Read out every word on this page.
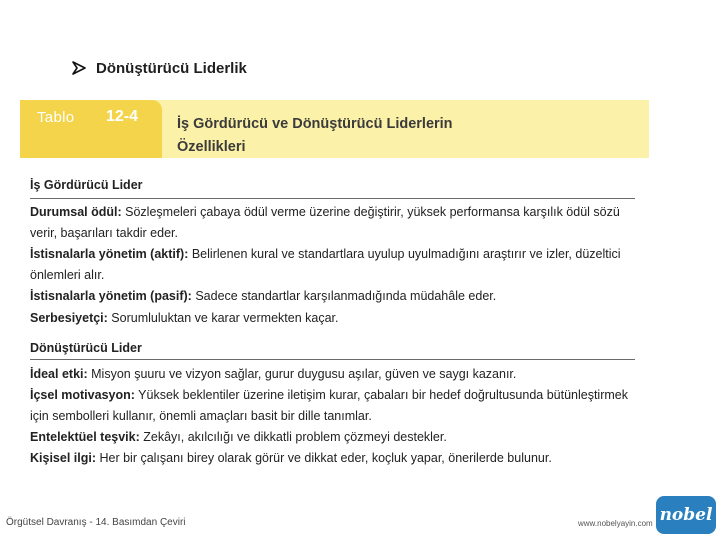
Dönüştürücü Liderlik
Tablo 12-4	İş Gördürücü ve Dönüştürücü Liderlerin
Özellikleri
İş Gördürücü Lider
Durumsal ödül: Sözleşmeleri çabaya ödül verme üzerine değiştirir, yüksek performansa karşılık ödül sözü verir, başarıları takdir eder.
İstisnalarla yönetim (aktif): Belirlenen kural ve standartlara uyulup uyulmadığını araştırır ve izler, düzeltici önlemleri alır.
İstisnalarla yönetim (pasif): Sadece standartlar karşılanmadığında müdahâle eder.
Serbesiyetçi: Sorumluluktan ve karar vermekten kaçar.
Dönüştürücü Lider
İdeal etki: Misyon şuuru ve vizyon sağlar, gurur duygusu aşılar, güven ve saygı kazanır.
İçsel motivasyon: Yüksek beklentiler üzerine iletişim kurar, çabaları bir hedef doğrultusunda bütünleştirmek için sembolleri kullanır, önemli amaçları basit bir dille tanımlar.
Entelektüel teşvik: Zekâyı, akılcılığı ve dikkatli problem çözmeyi destekler.
Kişisel ilgi: Her bir çalışanı birey olarak görür ve dikkat eder, koçluk yapar, önerilerde bulunur.
Örgütsel Davranış - 14. Basımdan Çeviri	www.nobelyayin.com nobel
